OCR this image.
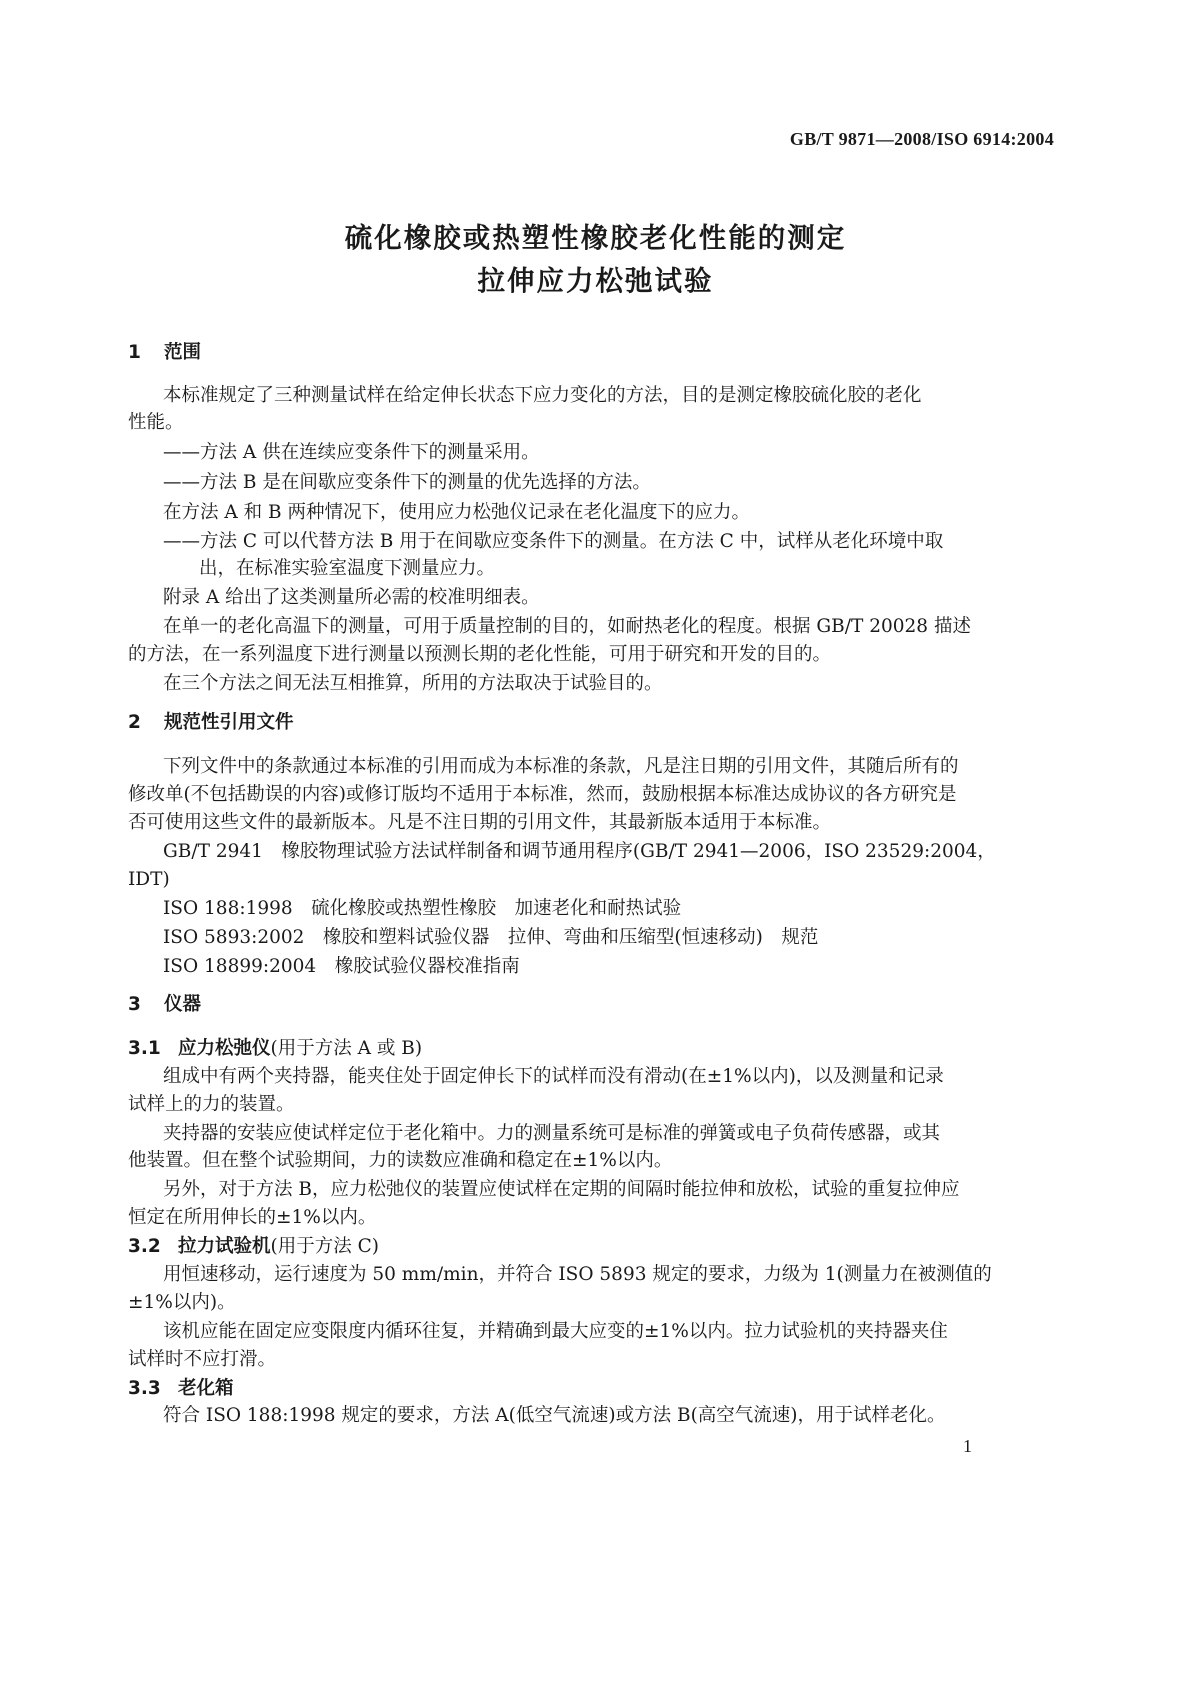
GB/T 9871—2008/ISO 6914:2004
硫化橡胶或热塑性橡胶老化性能的测定
拉伸应力松弛试验
1 范围
本标准规定了三种测量试样在给定伸长状态下应力变化的方法，目的是测定橡胶硫化胶的老化
性能。
——方法 A 供在连续应变条件下的测量采用。
——方法 B 是在间歇应变条件下的测量的优先选择的方法。
在方法 A 和 B 两种情况下，使用应力松弛仪记录在老化温度下的应力。
——方法 C 可以代替方法 B 用于在间歇应变条件下的测量。在方法 C 中，试样从老化环境中取
出，在标准实验室温度下测量应力。
附录 A 给出了这类测量所必需的校准明细表。
在单一的老化高温下的测量，可用于质量控制的目的，如耐热老化的程度。根据 GB/T 20028 描述
的方法，在一系列温度下进行测量以预测长期的老化性能，可用于研究和开发的目的。
在三个方法之间无法互相推算，所用的方法取决于试验目的。
2 规范性引用文件
下列文件中的条款通过本标准的引用而成为本标准的条款，凡是注日期的引用文件，其随后所有的
修改单(不包括勘误的内容)或修订版均不适用于本标准，然而，鼓励根据本标准达成协议的各方研究是
否可使用这些文件的最新版本。凡是不注日期的引用文件，其最新版本适用于本标准。
GB/T 2941　橡胶物理试验方法试样制备和调节通用程序(GB/T 2941—2006，ISO 23529:2004，
IDT)
ISO 188:1998　硫化橡胶或热塑性橡胶　加速老化和耐热试验
ISO 5893:2002　橡胶和塑料试验仪器　拉伸、弯曲和压缩型(恒速移动)　规范
ISO 18899:2004　橡胶试验仪器校准指南
3 仪器
3.1 应力松弛仪(用于方法 A 或 B)
组成中有两个夹持器，能夹住处于固定伸长下的试样而没有滑动(在±1%以内)，以及测量和记录
试样上的力的装置。
夹持器的安装应使试样定位于老化箱中。力的测量系统可是标准的弹簧或电子负荷传感器，或其
他装置。但在整个试验期间，力的读数应准确和稳定在±1%以内。
另外，对于方法 B，应力松弛仪的装置应使试样在定期的间隔时能拉伸和放松，试验的重复拉伸应
恒定在所用伸长的±1%以内。
3.2 拉力试验机(用于方法 C)
用恒速移动，运行速度为 50 mm/min，并符合 ISO 5893 规定的要求，力级为 1(测量力在被测值的
±1%以内)。
该机应能在固定应变限度内循环往复，并精确到最大应变的±1%以内。拉力试验机的夹持器夹住
试样时不应打滑。
3.3 老化箱
符合 ISO 188:1998 规定的要求，方法 A(低空气流速)或方法 B(高空气流速)，用于试样老化。
1
